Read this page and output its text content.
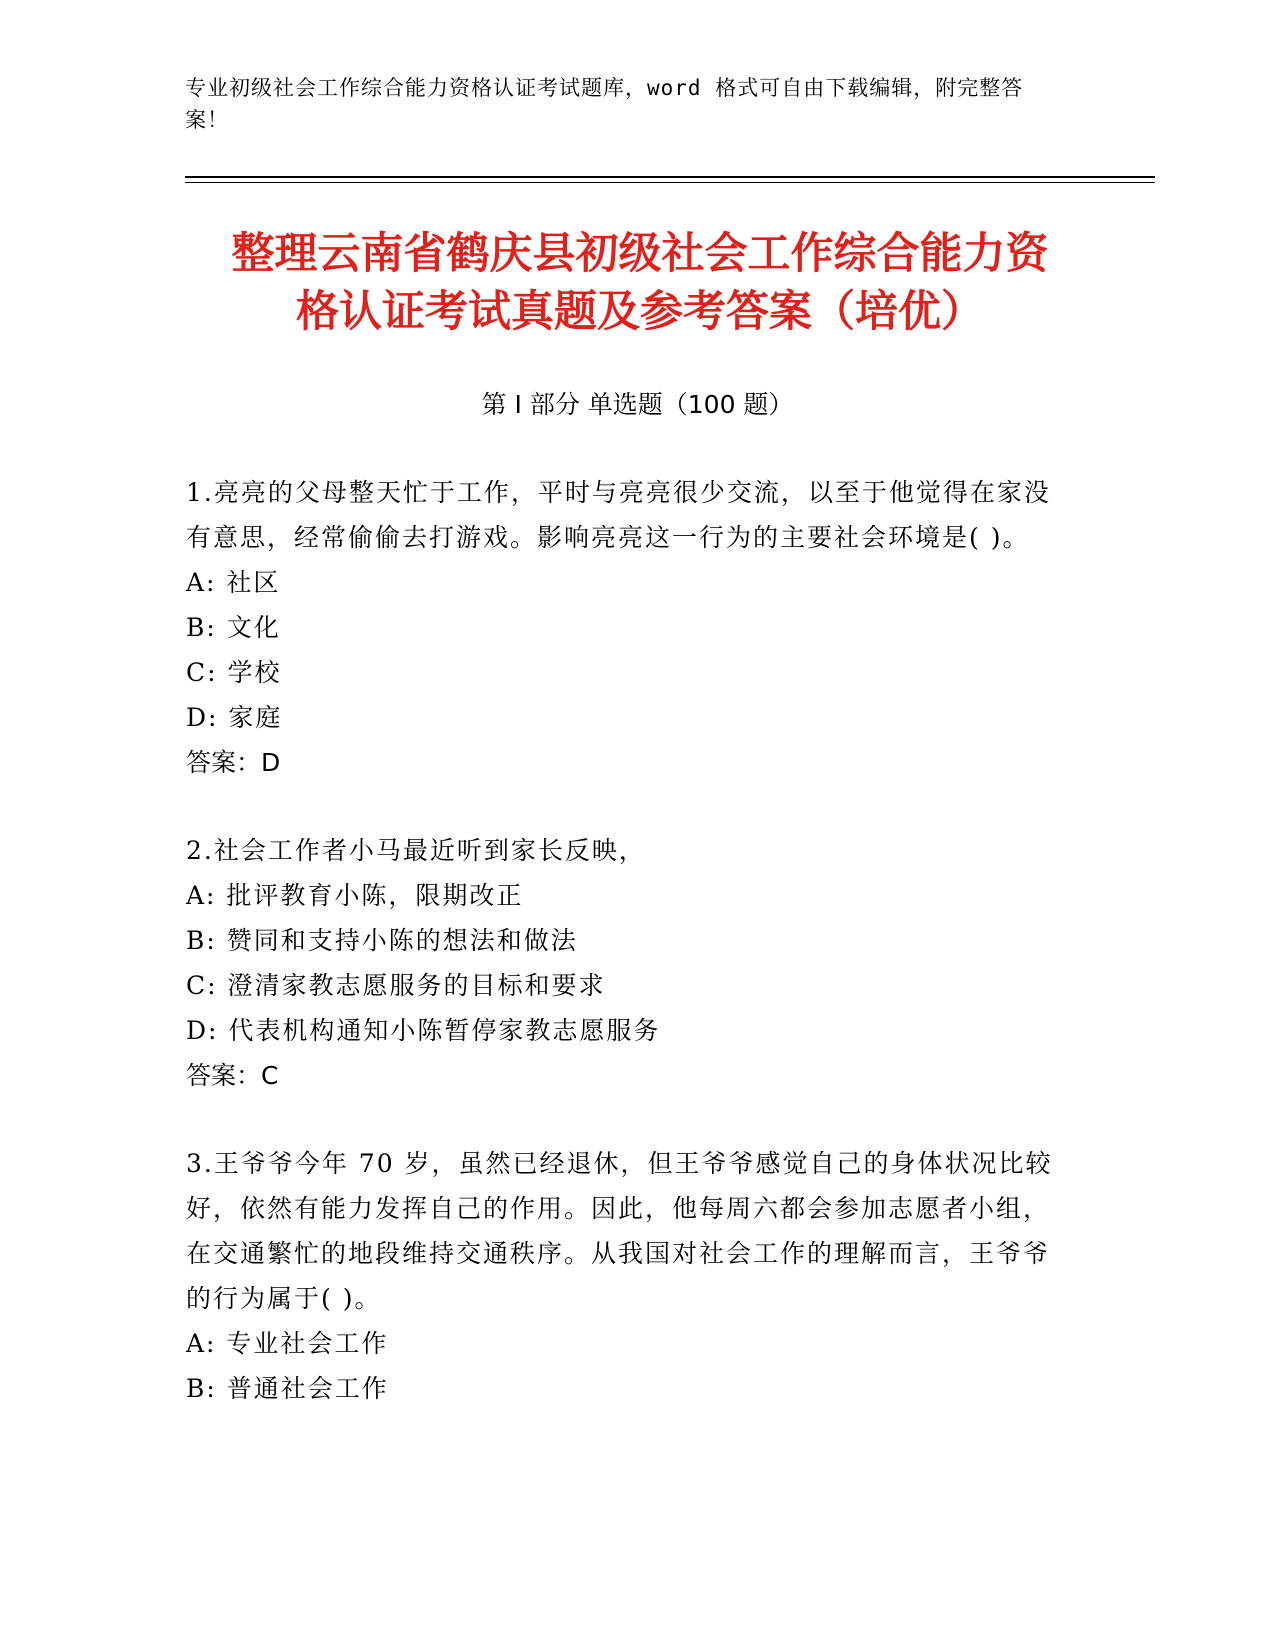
专业初级社会工作综合能力资格认证考试题库，word 格式可自由下载编辑，附完整答案！
整理云南省鹤庆县初级社会工作综合能力资
格认证考试真题及参考答案（培优）
第 I 部分 单选题（100 题）

1.亮亮的父母整天忙于工作，平时与亮亮很少交流，以至于他觉得在家没有意思，经常偷偷去打游戏。影响亮亮这一行为的主要社会环境是( )。

A: 社区

B: 文化

C: 学校

D: 家庭

答案：D

2.社会工作者小马最近听到家长反映，

A: 批评教育小陈，限期改正

B: 赞同和支持小陈的想法和做法

C: 澄清家教志愿服务的目标和要求

D: 代表机构通知小陈暂停家教志愿服务

答案：C

3.王爷爷今年 70 岁，虽然已经退休，但王爷爷感觉自己的身体状况比较好，依然有能力发挥自己的作用。因此，他每周六都会参加志愿者小组，在交通繁忙的地段维持交通秩序。从我国对社会工作的理解而言，王爷爷的行为属于( )。

A: 专业社会工作

B: 普通社会工作
